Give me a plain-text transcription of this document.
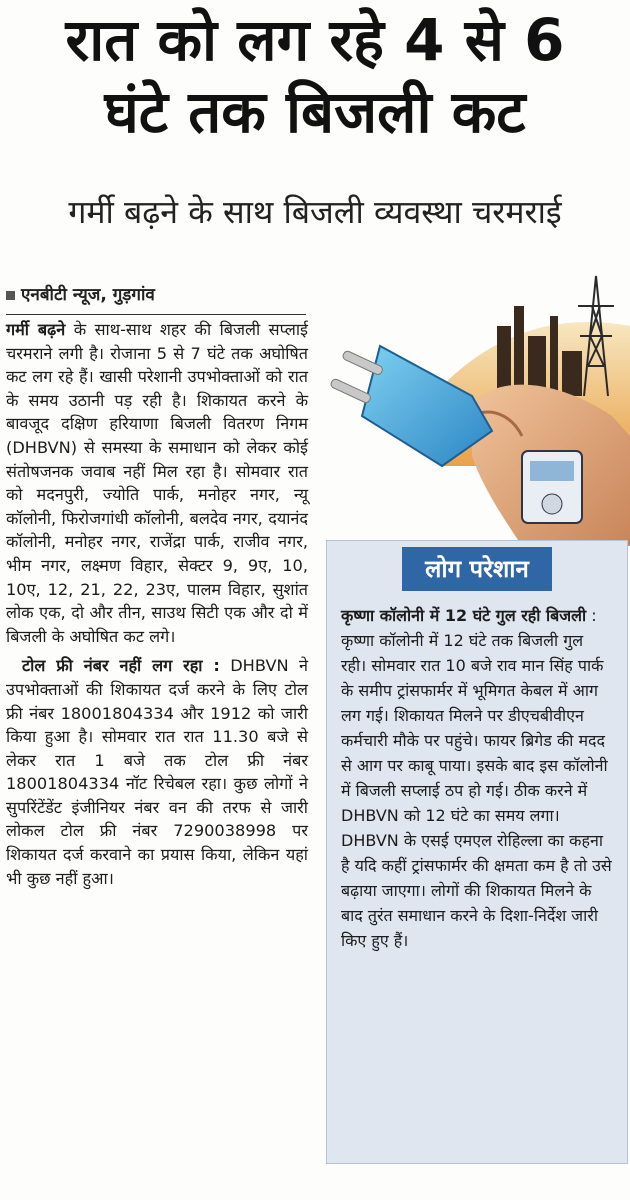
रात को लग रहे 4 से 6
घंटे तक बिजली कट
गर्मी बढ़ने के साथ बिजली व्यवस्था चरमराई
एनबीटी न्यूज, गुड़गांव

गर्मी बढ़ने के साथ-साथ शहर की बिजली सप्लाई चरमराने लगी है। रोजाना 5 से 7 घंटे तक अघोषित कट लग रहे हैं। खासी परेशानी उपभोक्ताओं को रात के समय उठानी पड़ रही है। शिकायत करने के बावजूद दक्षिण हरियाणा बिजली वितरण निगम (DHBVN) से समस्या के समाधान को लेकर कोई संतोषजनक जवाब नहीं मिल रहा है। सोमवार रात को मदनपुरी, ज्योति पार्क, मनोहर नगर, न्यू कॉलोनी, फिरोजगांधी कॉलोनी, बलदेव नगर, दयानंद कॉलोनी, मनोहर नगर, राजेंद्रा पार्क, राजीव नगर, भीम नगर, लक्ष्मण विहार, सेक्टर 9, 9ए, 10, 10ए, 12, 21, 22, 23ए, पालम विहार, सुशांत लोक एक, दो और तीन, साउथ सिटी एक और दो में बिजली के अघोषित कट लगे।

टोल फ्री नंबर नहीं लग रहा : DHBVN ने उपभोक्ताओं की शिकायत दर्ज करने के लिए टोल फ्री नंबर 18001804334 और 1912 को जारी किया हुआ है। सोमवार रात रात 11.30 बजे से लेकर रात 1 बजे तक टोल फ्री नंबर 18001804334 नॉट रिचेबल रहा। कुछ लोगों ने सुपरिंटेंडेंट इंजीनियर नंबर वन की तरफ से जारी लोकल टोल फ्री नंबर 7290038998 पर शिकायत दर्ज करवाने का प्रयास किया, लेकिन यहां भी कुछ नहीं हुआ।

लोग परेशान
कृष्णा कॉलोनी में 12 घंटे गुल रही बिजली : कृष्णा कॉलोनी में 12 घंटे तक बिजली गुल रही। सोमवार रात 10 बजे राव मान सिंह पार्क के समीप ट्रांसफार्मर में भूमिगत केबल में आग लग गई। शिकायत मिलने पर डीएचबीवीएन कर्मचारी मौके पर पहुंचे। फायर ब्रिगेड की मदद से आग पर काबू पाया। इसके बाद इस कॉलोनी में बिजली सप्लाई ठप हो गई। ठीक करने में DHBVN को 12 घंटे का समय लगा। DHBVN के एसई एमएल रोहिल्ला का कहना है यदि कहीं ट्रांसफार्मर की क्षमता कम है तो उसे बढ़ाया जाएगा। लोगों की शिकायत मिलने के बाद तुरंत समाधान करने के दिशा-निर्देश जारी किए हुए हैं।
